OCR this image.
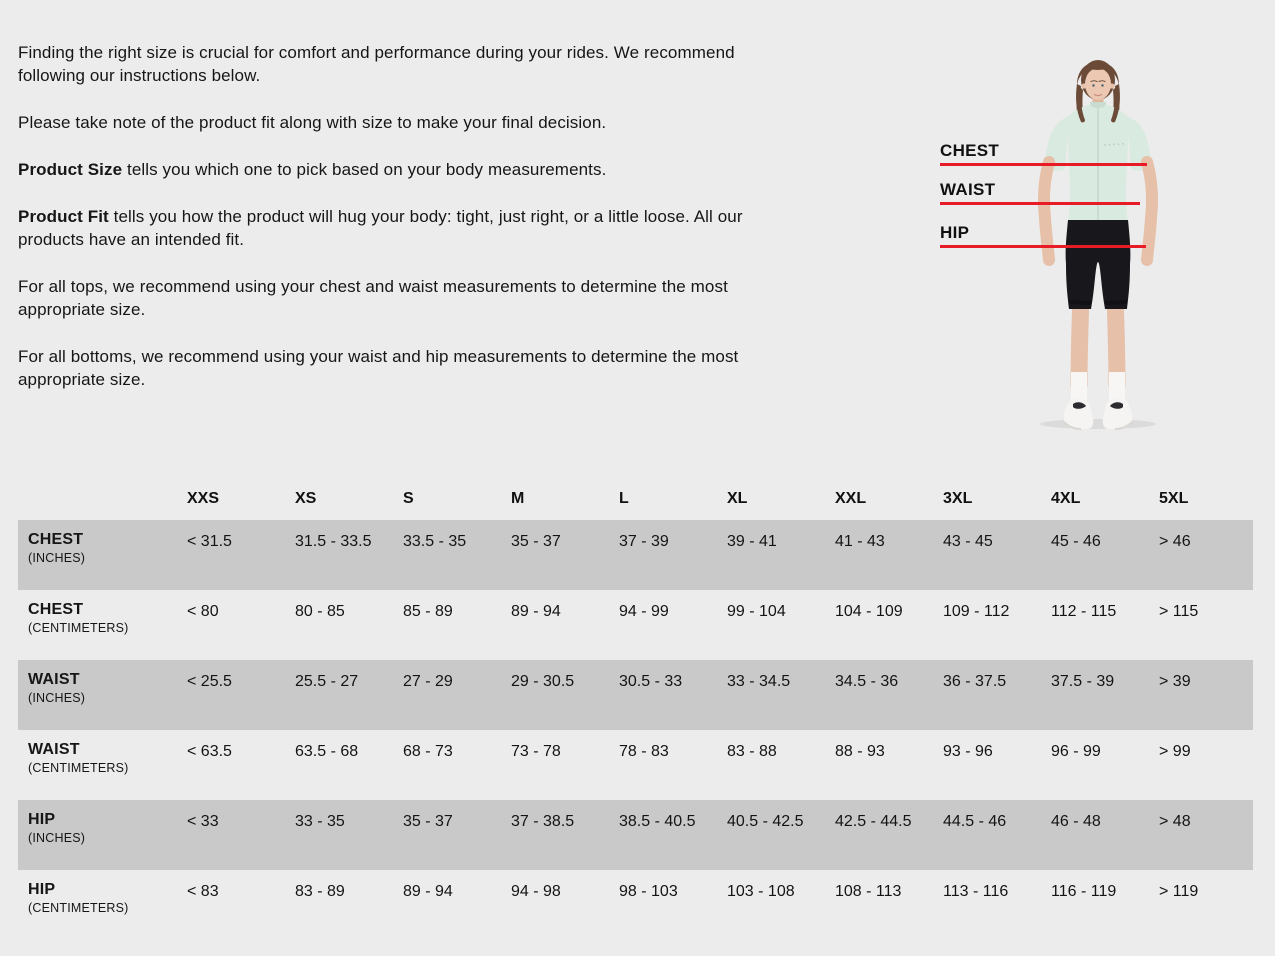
Finding the right size is crucial for comfort and performance during your rides. We recommend
following our instructions below.

Please take note of the product fit along with size to make your final decision.

Product Size tells you which one to pick based on your body measurements.

Product Fit tells you how the product will hug your body: tight, just right, or a little loose. All our
products have an intended fit.

For all tops, we recommend using your chest and waist measurements to determine the most
appropriate size.

For all bottoms, we recommend using your waist and hip measurements to determine the most
appropriate size.

CHEST
WAIST
HIP
XXS	XS	S	M	L	XL	XXL	3XL	4XL	5XL
CHEST
(INCHES)
< 31.5	31.5 - 33.5	33.5 - 35	35 - 37	37 - 39	39 - 41	41 - 43	43 - 45	45 - 46	> 46
CHEST
(CENTIMETERS)
< 80	80 - 85	85 - 89	89 - 94	94 - 99	99 - 104	104 - 109	109 - 112	112 - 115	> 115
WAIST
(INCHES)
< 25.5	25.5 - 27	27 - 29	29 - 30.5	30.5 - 33	33 - 34.5	34.5 - 36	36 - 37.5	37.5 - 39	> 39
WAIST
(CENTIMETERS)
< 63.5	63.5 - 68	68 - 73	73 - 78	78 - 83	83 - 88	88 - 93	93 - 96	96 - 99	> 99
HIP
(INCHES)
< 33	33 - 35	35 - 37	37 - 38.5	38.5 - 40.5	40.5 - 42.5	42.5 - 44.5	44.5 - 46	46 - 48	> 48
HIP
(CENTIMETERS)
< 83	83 - 89	89 - 94	94 - 98	98 - 103	103 - 108	108 - 113	113 - 116	116 - 119	> 119
